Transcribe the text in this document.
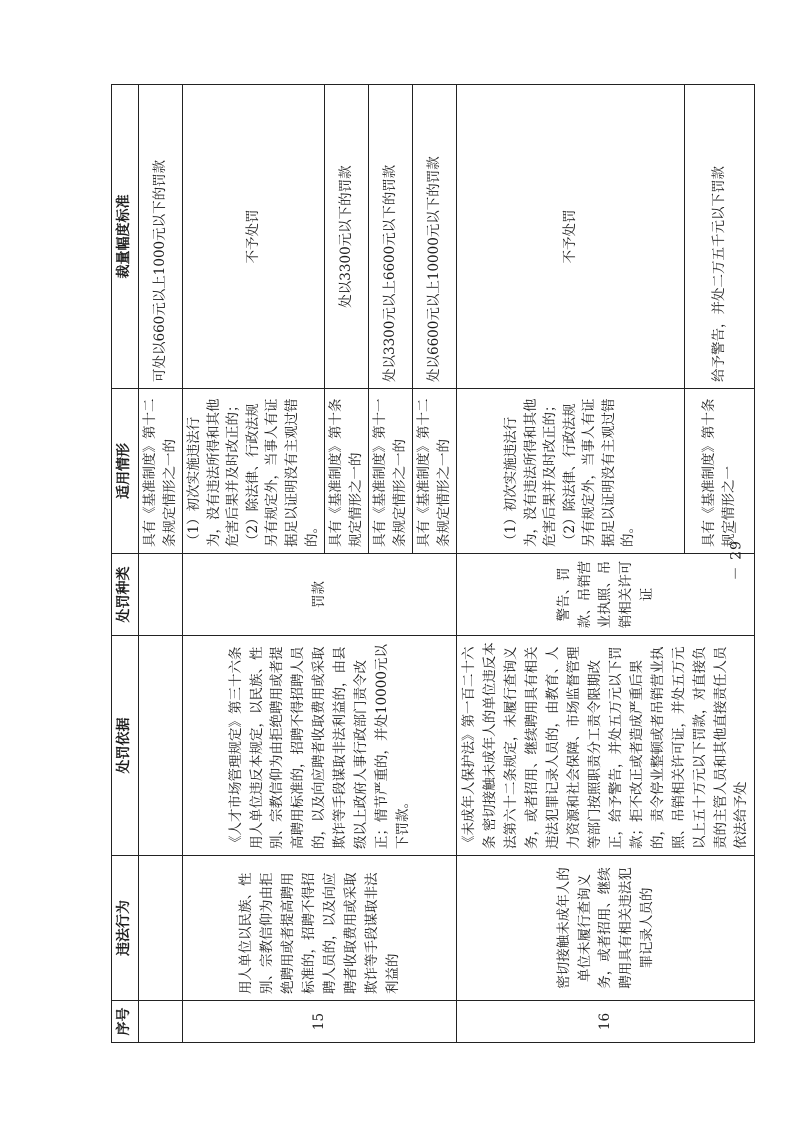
序号	违法行为	处罚依据	处罚种类	适用情形	裁量幅度标准
				具有《基准制度》第十二条规定情形之一的	可处以660元以上1000元以下的罚款
15	用人单位以民族、性别、宗教信仰为由拒绝聘用或者提高聘用标准的，招聘不得招聘人员的，以及向应聘者收取费用或采取欺诈等手段谋取非法利益的	《人才市场管理规定》第三十六条 用人单位违反本规定，以民族、性别、宗教信仰为由拒绝聘用或者提高聘用标准的，招聘不得招聘人员的，以及向应聘者收取费用或采取欺诈等手段谋取非法利益的，由县级以上政府人事行政部门责令改正；情节严重的，并处10000元以下罚款。	罚款	（1）初次实施违法行为，没有违法所得和其他危害后果并及时改正的；
（2）除法律、行政法规另有规定外，当事人有证据足以证明没有主观过错的。	不予处罚
				具有《基准制度》第十条规定情形之一的	处以3300元以下的罚款
				具有《基准制度》第十一条规定情形之一的	处以3300元以上6600元以下的罚款
				具有《基准制度》第十二条规定情形之一的	处以6600元以上10000元以下的罚款
16	密切接触未成年人的单位未履行查询义务，或者招用、继续聘用具有相关违法犯罪记录人员的	《未成年人保护法》第一百二十六条 密切接触未成年人的单位违反本法第六十二条规定，未履行查询义务，或者招用、继续聘用具有相关违法犯罪记录人员的，由教育、人力资源和社会保障、市场监督管理等部门按照职责分工责令限期改正，给予警告，并处五万元以下罚款；拒不改正或者造成严重后果的，责令停业整顿或者吊销营业执照、吊销相关许可证，并处五万元以上五十万元以下罚款，对直接负责的主管人员和其他直接责任人员依法给予处	警告、罚款、吊销营业执照、吊销相关许可证	（1）初次实施违法行为，没有违法所得和其他危害后果并及时改正的；
（2）除法律、行政法规另有规定外，当事人有证据足以证明没有主观过错的。	不予处罚
				具有《基准制度》第十条规定情形之一	给予警告，并处二万五千元以下罚款
－ 29 －
